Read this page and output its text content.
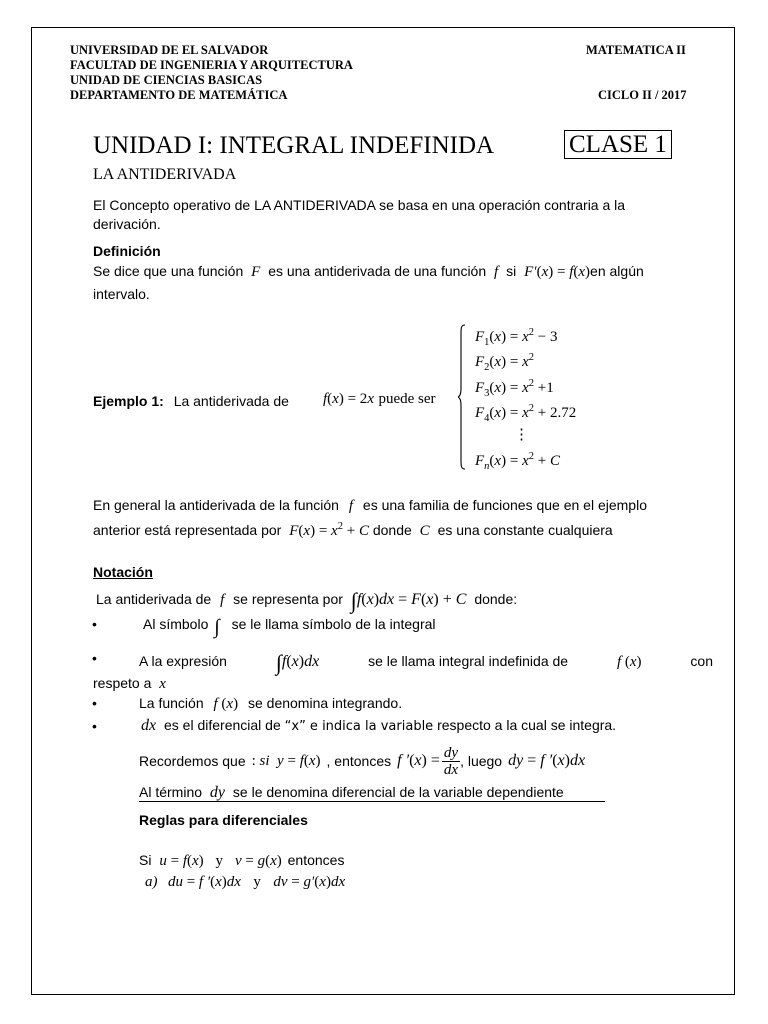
UNIVERSIDAD DE EL SALVADOR
FACULTAD DE INGENIERIA Y ARQUITECTURA
UNIDAD DE CIENCIAS BASICAS
DEPARTAMENTO DE MATEMÁTICA
MATEMATICA II
CICLO II / 2017
UNIDAD I: INTEGRAL INDEFINIDA	CLASE 1
LA ANTIDERIVADA
El Concepto operativo de LA ANTIDERIVADA se basa en una operación contraria a la
derivación.
Definición
Se dice que una función F es una antiderivada de una función f si F′(x) = f(x)en algún
intervalo.
Ejemplo 1: La antiderivada de f(x) = 2x puede ser
$F_1(x) = x^2 - 3$
$F_2(x) = x^2$
$F_3(x) = x^2 +1$
$F_4(x) = x^2 + 2.72$
⋮
$F_n(x) = x^2 + C$
En general la antiderivada de la función f es una familia de funciones que en el ejemplo
anterior está representada por $F(x) = x^2 + C$ donde C es una constante cualquiera
Notación
La antiderivada de f se representa por ∫f(x)dx = F(x) + C donde:
•	Al símbolo ∫ se le llama símbolo de la integral
•	A la expresión ∫f(x)dx	se le llama integral indefinida de	f (x)	con
respeto a x
•	La función f (x) se denomina integrando.
•	dx es el diferencial de “x” e indica la variable respecto a la cual se integra.
Recordemos que : si  y = f(x) , entonces f $'(x) = \frac{dy}{dx}$ , luego dy = f ′(x)dx
Al término dy se le denomina diferencial de la variable dependiente
Reglas para diferenciales
Si u = f(x) y v = g(x) entonces
a) du = f ′(x)dx y dv = g′(x)dx
